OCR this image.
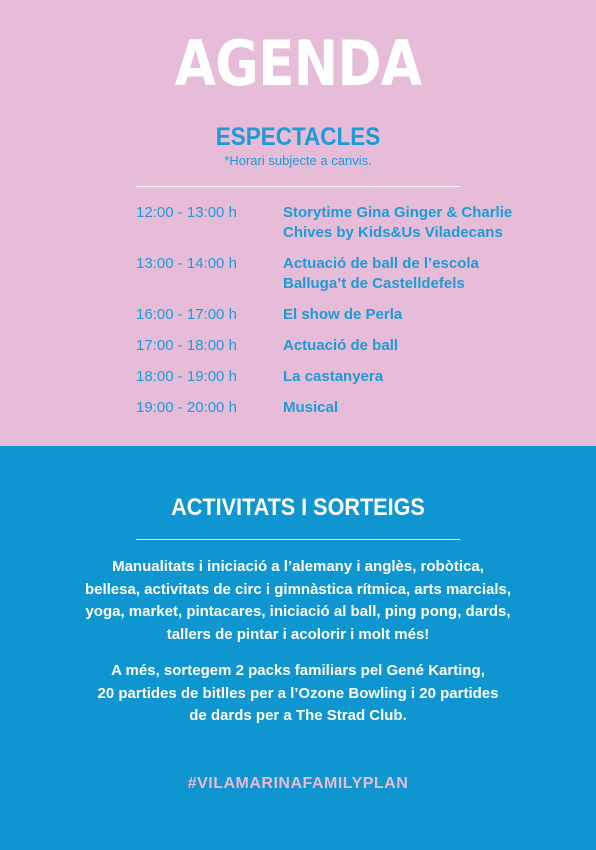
AGENDA
ESPECTACLES
*Horari subjecte a canvis.
12:00 - 13:00 h	Storytime Gina Ginger & Charlie
Chives by Kids&Us Viladecans
13:00 - 14:00 h	Actuació de ball de l’escola
Balluga’t de Castelldefels
16:00 - 17:00 h	El show de Perla
17:00 - 18:00 h	Actuació de ball
18:00 - 19:00 h	La castanyera
19:00 - 20:00 h	Musical
ACTIVITATS I SORTEIGS
Manualitats i iniciació a l’alemany i anglès, robòtica,
bellesa, activitats de circ i gimnàstica rítmica, arts marcials,
yoga, market, pintacares, iniciació al ball, ping pong, dards,
tallers de pintar i acolorir i molt més!
A més, sortegem 2 packs familiars pel Gené Karting,
20 partides de bitlles per a l’Ozone Bowling i 20 partides
de dards per a The Strad Club.
#VILAMARINAFAMILYPLAN
